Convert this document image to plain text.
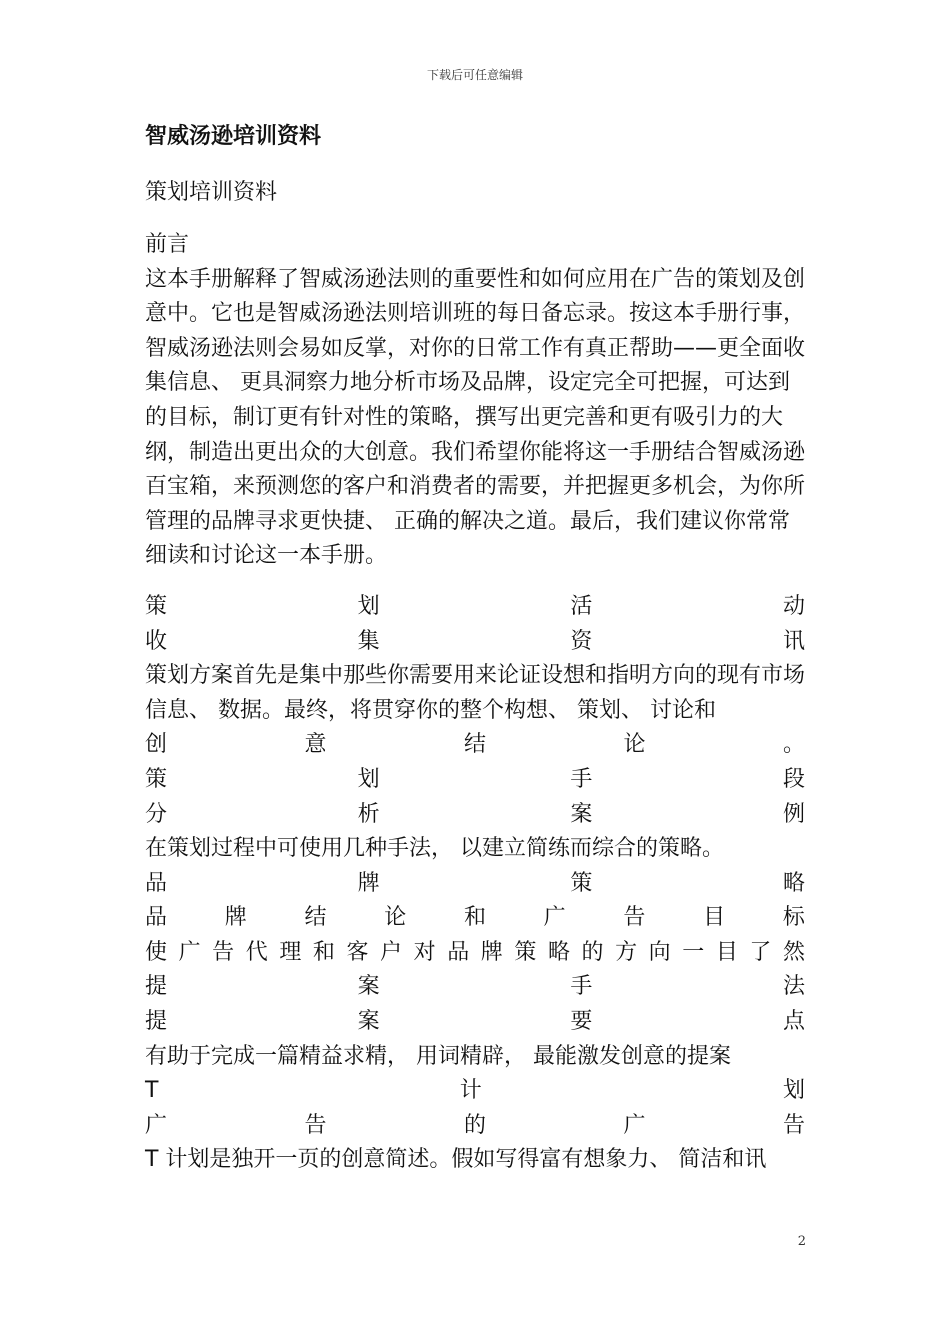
下载后可任意编辑
智威汤逊培训资料
策划培训资料
前言
这本手册解释了智威汤逊法则的重要性和如何应用在广告的策划及创意中。它也是智威汤逊法则培训班的每日备忘录。按这本手册行事，智威汤逊法则会易如反掌，对你的日常工作有真正帮助——更全面收集信息、 更具洞察力地分析市场及品牌，设定完全可把握，可达到的目标，制订更有针对性的策略，撰写出更完善和更有吸引力的大纲，制造出更出众的大创意。我们希望你能将这一手册结合智威汤逊百宝箱，来预测您的客户和消费者的需要，并把握更多机会，为你所管理的品牌寻求更快捷、 正确的解决之道。最后，我们建议你常常细读和讨论这一本手册。
策	划	活	动
收	集	资	讯
策划方案首先是集中那些你需要用来论证设想和指明方向的现有市场信息、 数据。最终，将贯穿你的整个构想、 策划、 讨论和
创	意	结	论	。
策	划	手	段
分	析	案	例
在策划过程中可使用几种手法， 以建立简练而综合的策略。
品	牌	策	略
品	牌	结	论	和	广	告	目	标
使 广 告 代 理 和 客 户 对 品 牌 策 略 的 方 向 一 目 了 然
提	案	手	法
提	案	要	点
有助于完成一篇精益求精， 用词精辟， 最能激发创意的提案
T	计	划
广	告	的	广	告
T 计划是独开一页的创意简述。假如写得富有想象力、 简洁和讯
2
